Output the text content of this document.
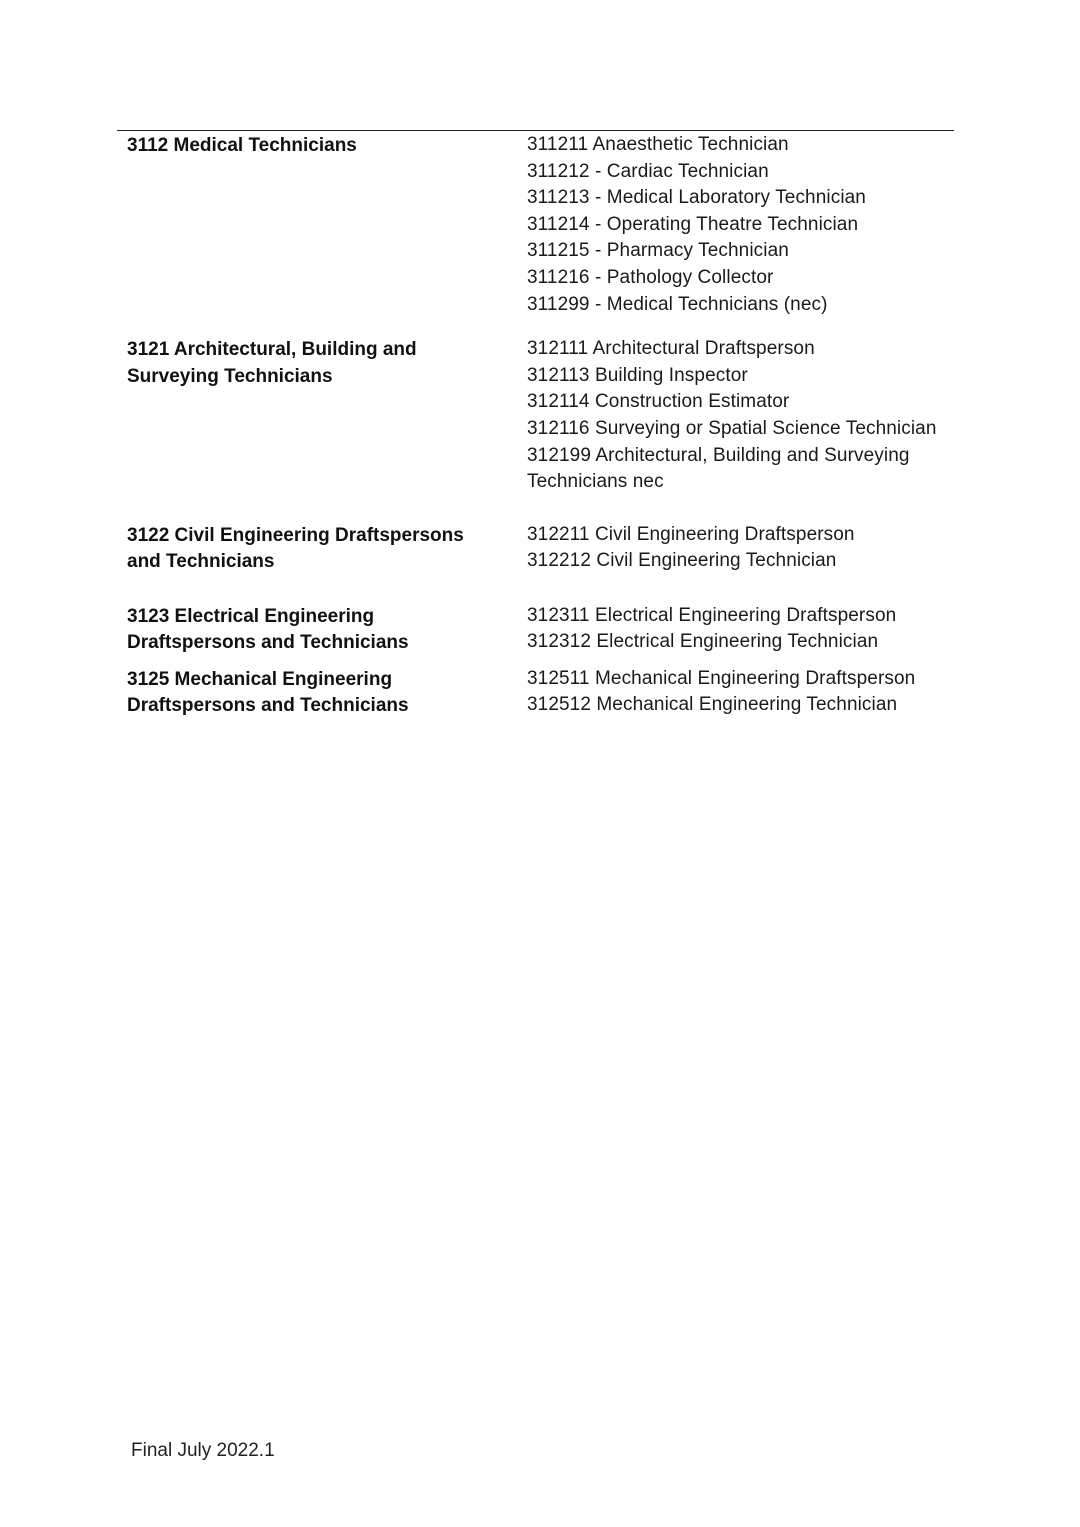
3112 Medical Technicians	311211 Anaesthetic Technician
311212 - Cardiac Technician
311213 - Medical Laboratory Technician
311214 - Operating Theatre Technician
311215 - Pharmacy Technician
311216 - Pathology Collector
311299 - Medical Technicians (nec)
3121 Architectural, Building and
Surveying Technicians
312111 Architectural Draftsperson
312113 Building Inspector
312114 Construction Estimator
312116 Surveying or Spatial Science Technician
312199 Architectural, Building and Surveying
Technicians nec
3122 Civil Engineering Draftspersons
and Technicians
312211 Civil Engineering Draftsperson
312212 Civil Engineering Technician
3123 Electrical Engineering
Draftspersons and Technicians
312311 Electrical Engineering Draftsperson
312312 Electrical Engineering Technician
3125 Mechanical Engineering
Draftspersons and Technicians
312511 Mechanical Engineering Draftsperson
312512 Mechanical Engineering Technician
Final July 2022.1
